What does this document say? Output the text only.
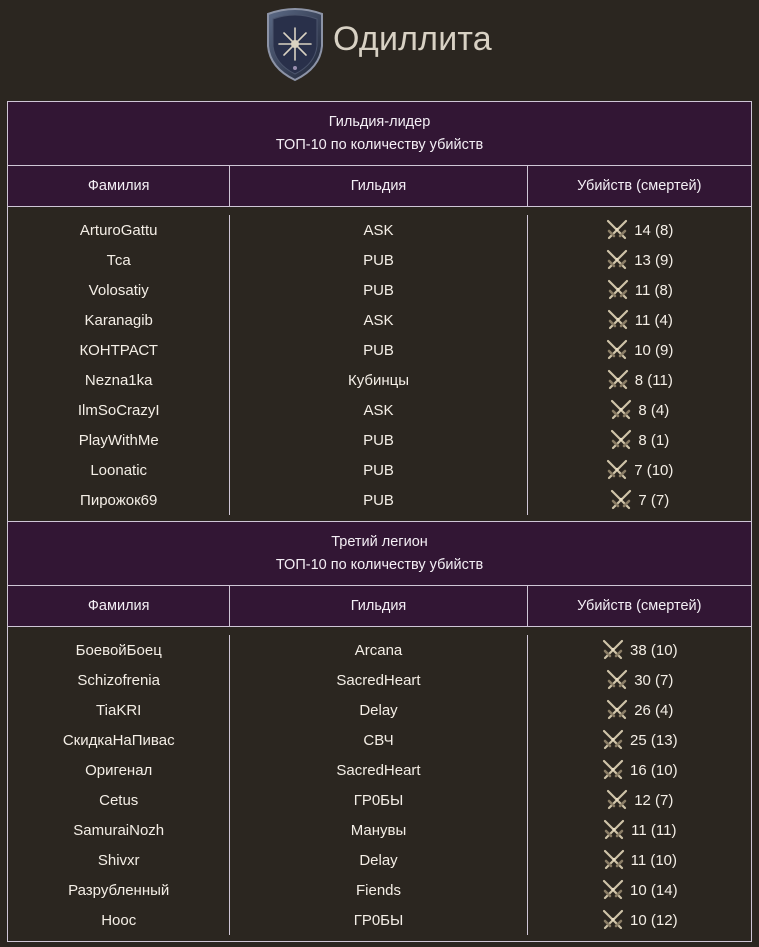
Одиллита
Гильдия-лидер
ТОП-10 по количеству убийств
Фамилия	Гильдия	Убийств (смертей)
ArturoGattu	ASK	14 (8)
Тса	PUB	13 (9)
Volosatiy	PUB	11 (8)
Karanagib	ASK	11 (4)
КОНТРАСТ	PUB	10 (9)
Nezna1ka	Кубинцы	8 (11)
IlmSoCrazyI	ASK	8 (4)
PlayWithMe	PUB	8 (1)
Loonatic	PUB	7 (10)
Пирожок69	PUB	7 (7)
Третий легион
ТОП-10 по количеству убийств
Фамилия	Гильдия	Убийств (смертей)
БоевойБоец	Arcana	38 (10)
Schizofrenia	SacredHeart	30 (7)
TiaKRI	Delay	26 (4)
СкидкаНаПивас	СВЧ	25 (13)
Оригенал	SacredHeart	16 (10)
Cetus	ГР0БЫ	12 (7)
SamuraiNozh	Манувы	11 (11)
Shivxr	Delay	11 (10)
Разрубленный	Fiends	10 (14)
Ноос	ГР0БЫ	10 (12)
